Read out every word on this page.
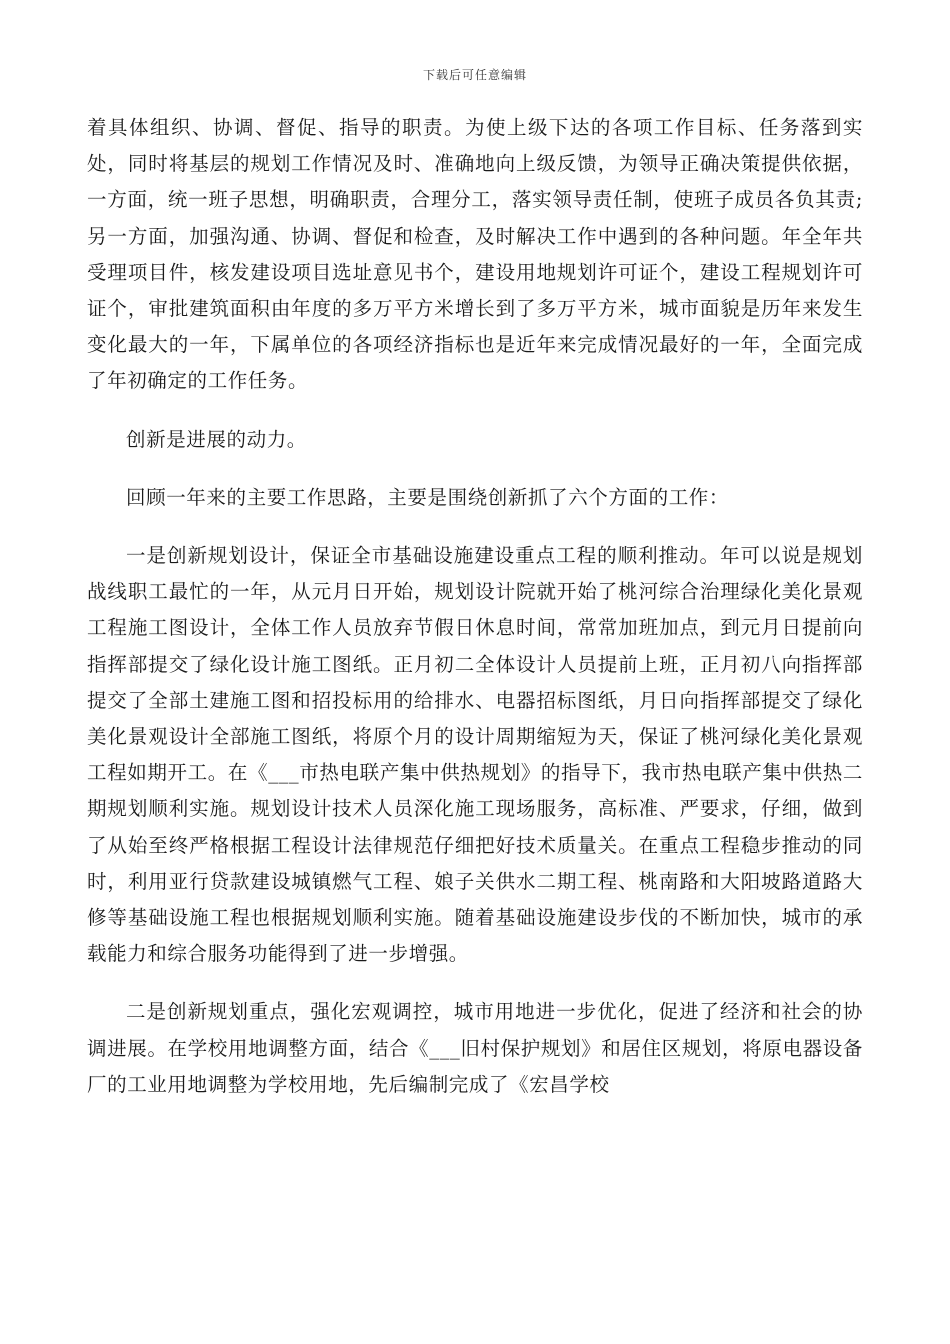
下载后可任意编辑

着具体组织、协调、督促、指导的职责。为使上级下达的各项工作目标、任务落到实处，同时将基层的规划工作情况及时、准确地向上级反馈，为领导正确决策提供依据，一方面，统一班子思想，明确职责，合理分工，落实领导责任制，使班子成员各负其责;另一方面，加强沟通、协调、督促和检查，及时解决工作中遇到的各种问题。年全年共受理项目件，核发建设项目选址意见书个，建设用地规划许可证个，建设工程规划许可证个，审批建筑面积由年度的多万平方米增长到了多万平方米，城市面貌是历年来发生变化最大的一年，下属单位的各项经济指标也是近年来完成情况最好的一年，全面完成了年初确定的工作任务。

创新是进展的动力。

回顾一年来的主要工作思路，主要是围绕创新抓了六个方面的工作：

一是创新规划设计，保证全市基础设施建设重点工程的顺利推动。年可以说是规划战线职工最忙的一年，从元月日开始，规划设计院就开始了桃河综合治理绿化美化景观工程施工图设计，全体工作人员放弃节假日休息时间，常常加班加点，到元月日提前向指挥部提交了绿化设计施工图纸。正月初二全体设计人员提前上班，正月初八向指挥部提交了全部土建施工图和招投标用的给排水、电器招标图纸，月日向指挥部提交了绿化美化景观设计全部施工图纸，将原个月的设计周期缩短为天，保证了桃河绿化美化景观工程如期开工。在《___市热电联产集中供热规划》的指导下，我市热电联产集中供热二期规划顺利实施。规划设计技术人员深化施工现场服务，高标准、严要求，仔细，做到了从始至终严格根据工程设计法律规范仔细把好技术质量关。在重点工程稳步推动的同时，利用亚行贷款建设城镇燃气工程、娘子关供水二期工程、桃南路和大阳坡路道路大修等基础设施工程也根据规划顺利实施。随着基础设施建设步伐的不断加快，城市的承载能力和综合服务功能得到了进一步增强。

二是创新规划重点，强化宏观调控，城市用地进一步优化，促进了经济和社会的协调进展。在学校用地调整方面，结合《___旧村保护规划》和居住区规划，将原电器设备厂的工业用地调整为学校用地，先后编制完成了《宏昌学校
